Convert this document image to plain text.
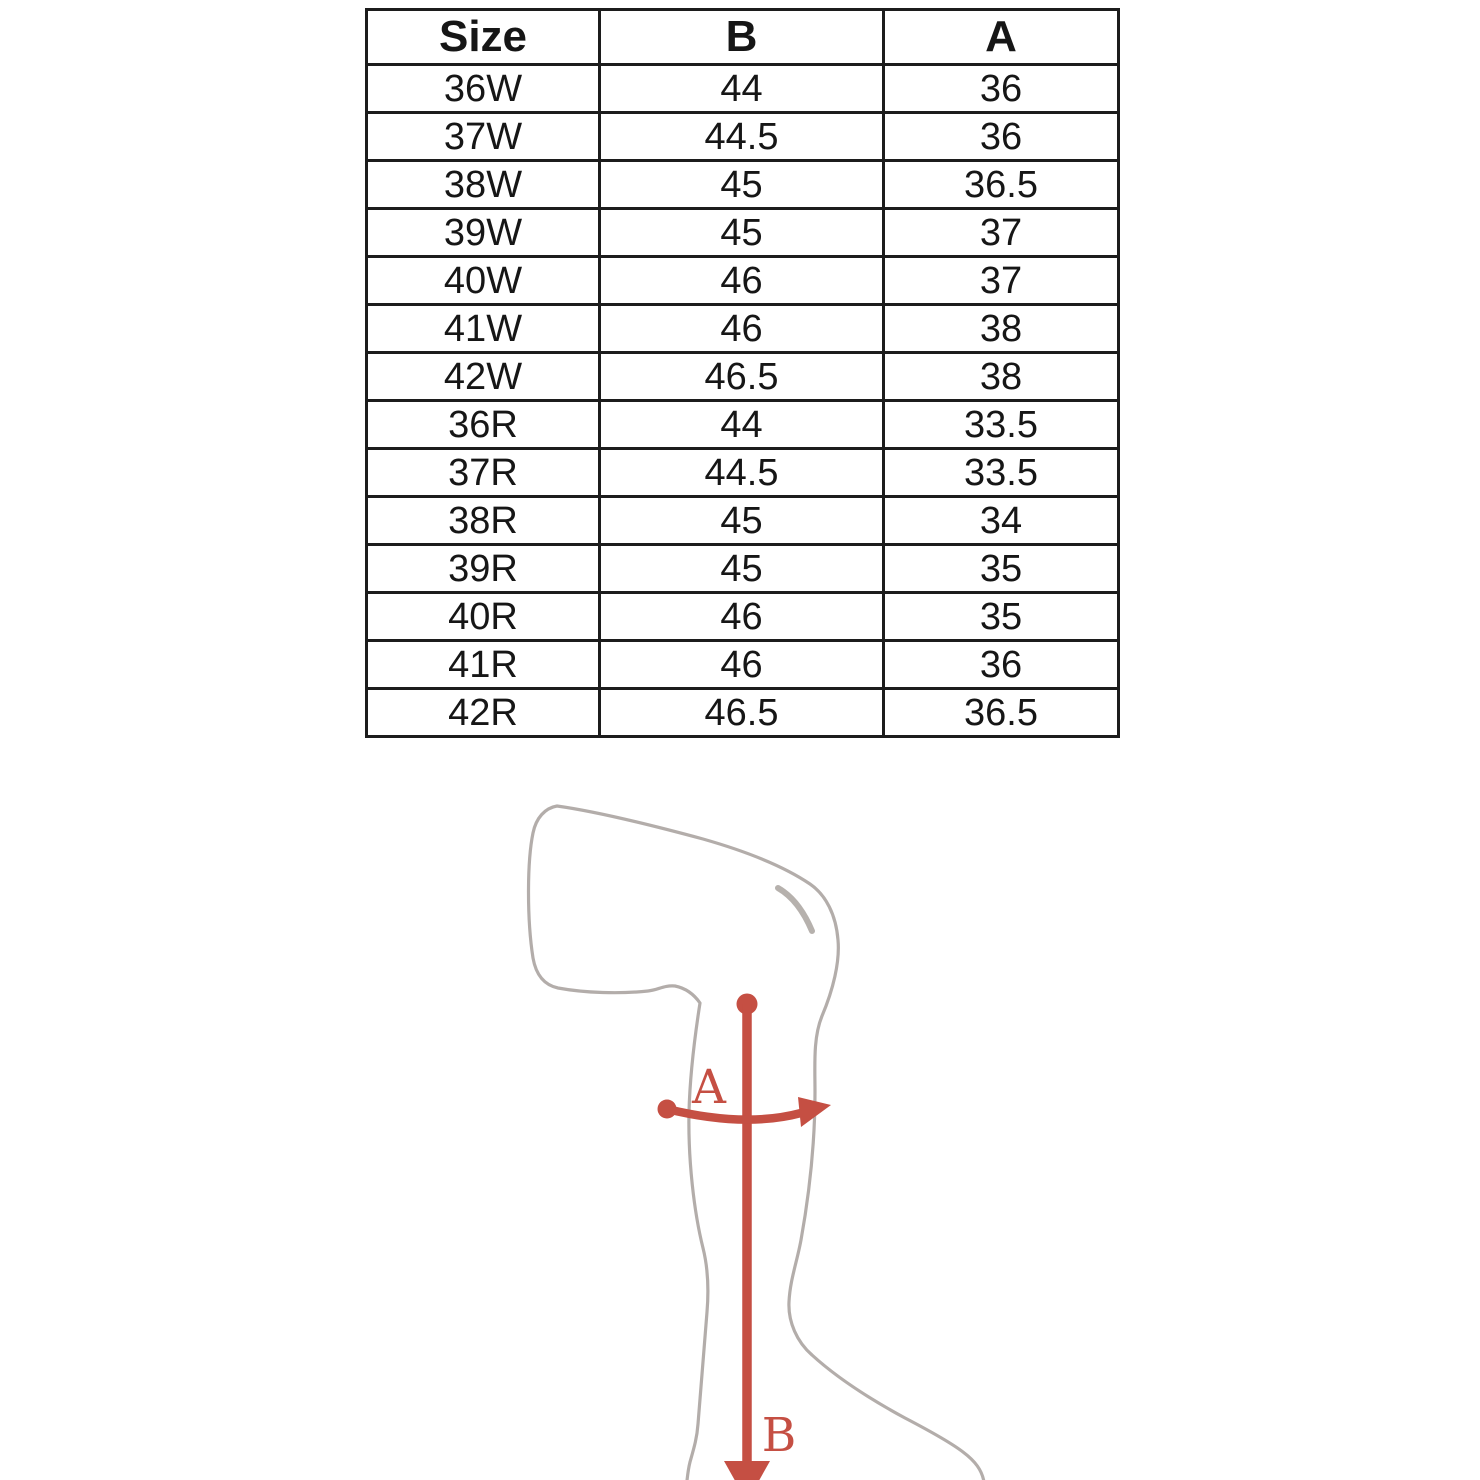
Size	B	A
36W	44	36
37W	44.5	36
38W	45	36.5
39W	45	37
40W	46	37
41W	46	38
42W	46.5	38
36R	44	33.5
37R	44.5	33.5
38R	45	34
39R	45	35
40R	46	35
41R	46	36
42R	46.5	36.5
A
B
